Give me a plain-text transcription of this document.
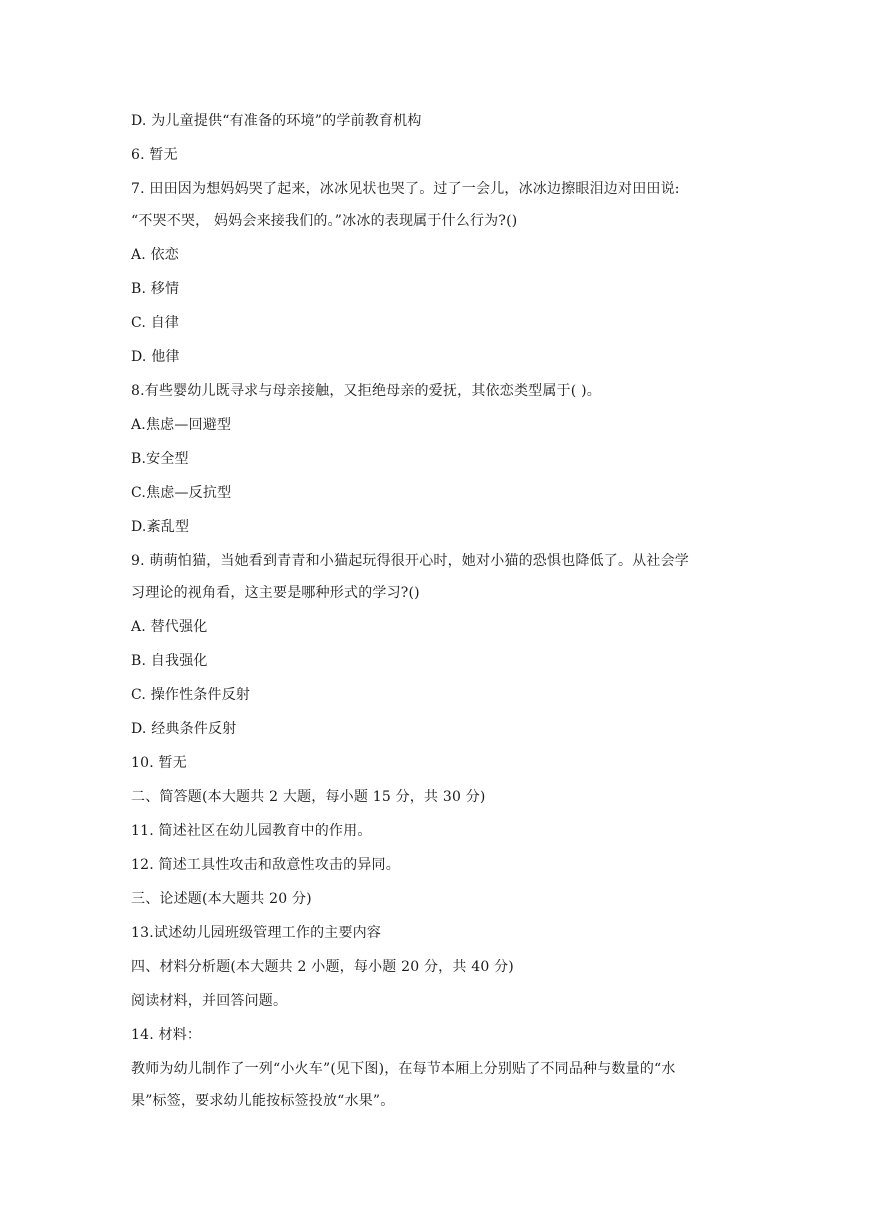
D. 为儿童提供“有准备的环境”的学前教育机构
6. 暂无
7. 田田因为想妈妈哭了起来，冰冰见状也哭了。过了一会儿，冰冰边擦眼泪边对田田说:
“不哭不哭， 妈妈会来接我们的。”冰冰的表现属于什么行为?()
A. 依恋
B. 移情
C. 自律
D. 他律
8.有些婴幼儿既寻求与母亲接触，又拒绝母亲的爱抚，其依恋类型属于( )。
A.焦虑—回避型
B.安全型
C.焦虑—反抗型
D.紊乱型
9. 萌萌怕猫，当她看到青青和小猫起玩得很开心时，她对小猫的恐惧也降低了。从社会学
习理论的视角看，这主要是哪种形式的学习?()
A. 替代强化
B. 自我强化
C. 操作性条件反射
D. 经典条件反射
10. 暂无
二、简答题(本大题共 2 大题，每小题 15 分，共 30 分)
11. 简述社区在幼儿园教育中的作用。
12. 简述工具性攻击和敌意性攻击的异同。
三、论述题(本大题共 20 分)
13.试述幼儿园班级管理工作的主要内容
四、材料分析题(本大题共 2 小题，每小题 20 分，共 40 分)
阅读材料，并回答问题。
14. 材料：
教师为幼儿制作了一列“小火车”(见下图)，在每节本厢上分别贴了不同品种与数量的“水
果”标签，要求幼儿能按标签投放“水果”。
